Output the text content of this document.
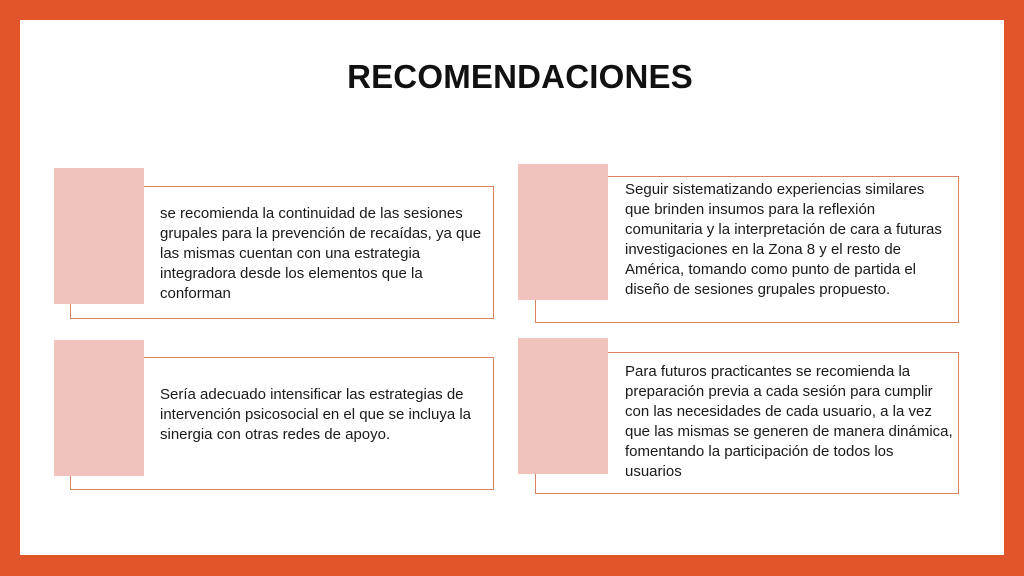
RECOMENDACIONES
se recomienda la continuidad de las sesiones grupales para la prevención de recaídas, ya que las mismas cuentan con una estrategia integradora desde los elementos que la conforman
Seguir sistematizando experiencias similares que brinden insumos para la reflexión comunitaria y la interpretación de cara a futuras investigaciones en la Zona 8 y el resto de América, tomando como punto de partida el diseño de sesiones grupales propuesto.
Sería adecuado intensificar las estrategias de intervención psicosocial en el que se incluya la sinergia con otras redes de apoyo.
Para futuros practicantes se recomienda la preparación previa a cada sesión para cumplir con las necesidades de cada usuario, a la vez que las mismas se generen de manera dinámica, fomentando la participación de todos los usuarios
